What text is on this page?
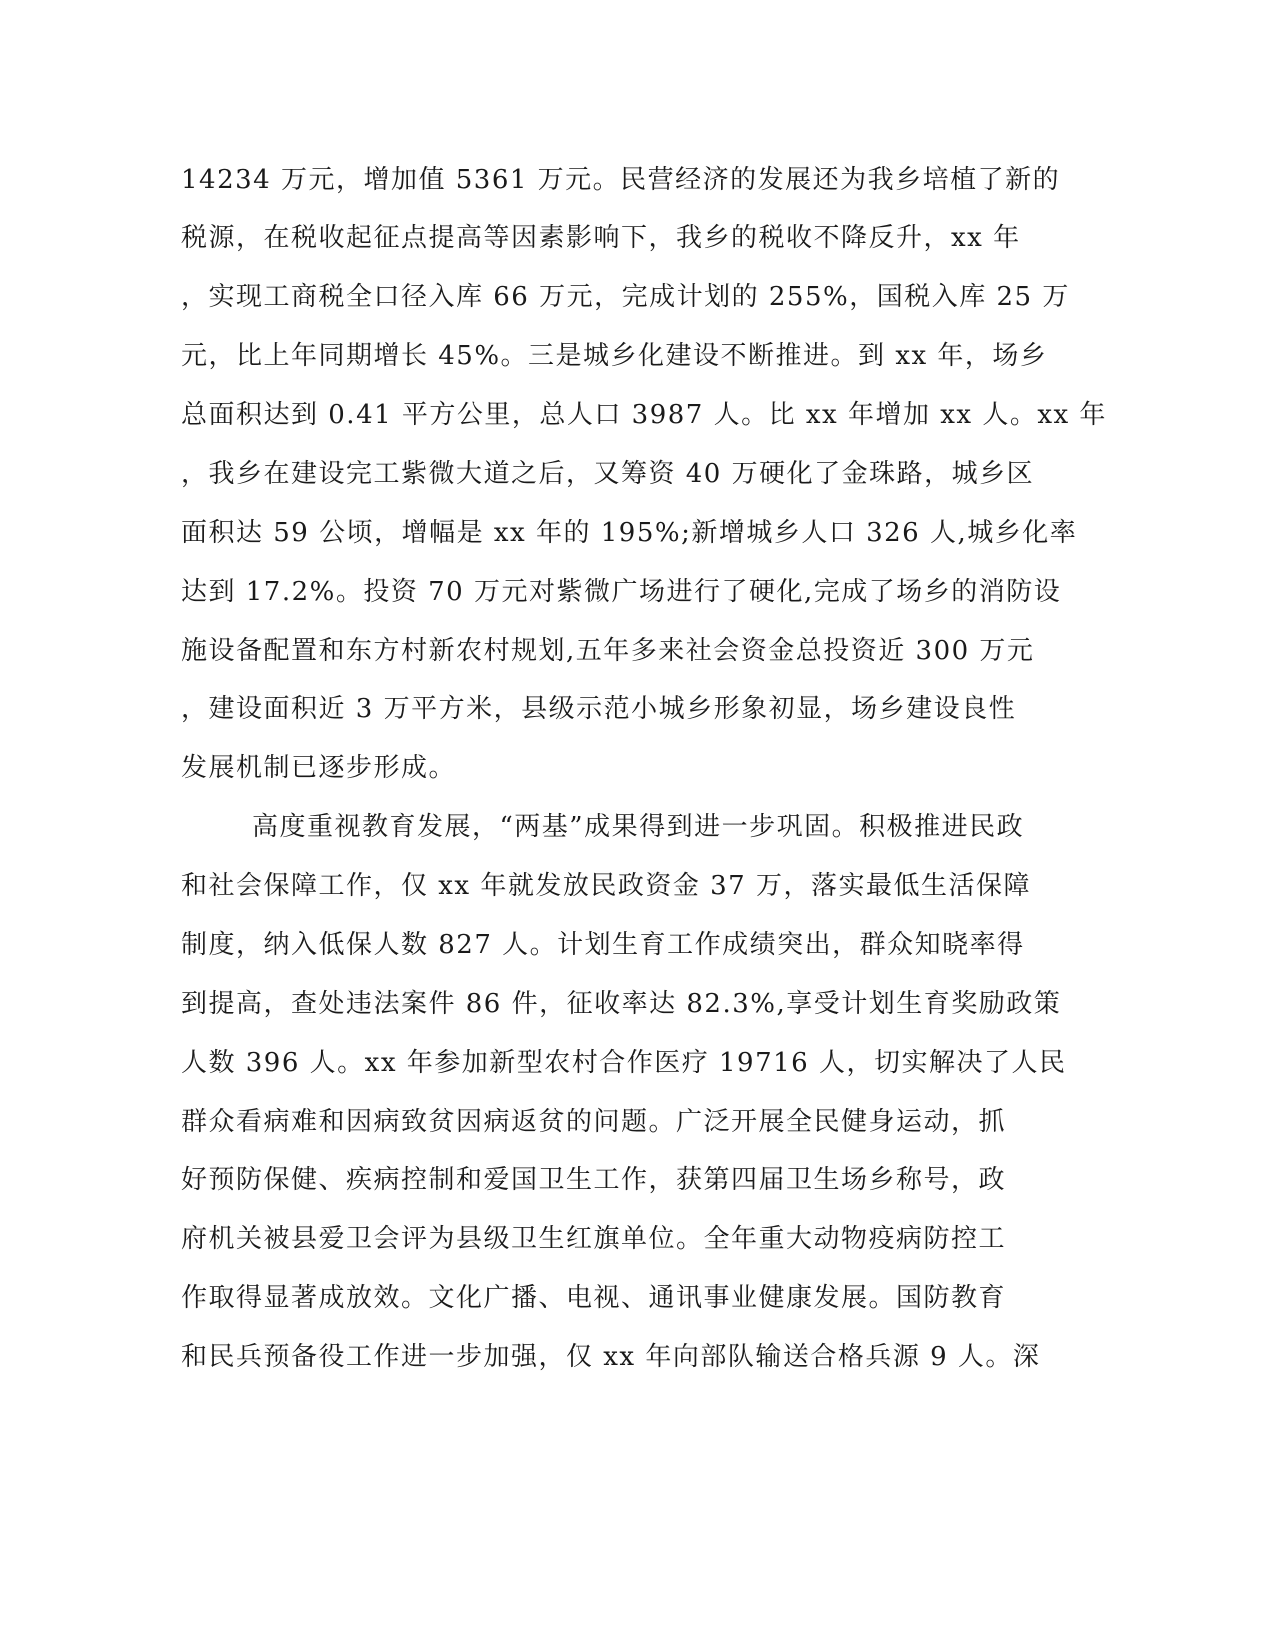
14234 万元，增加值 5361 万元。民营经济的发展还为我乡培植了新的
税源，在税收起征点提高等因素影响下，我乡的税收不降反升，xx 年
，实现工商税全口径入库 66 万元，完成计划的 255%，国税入库 25 万
元，比上年同期增长 45%。三是城乡化建设不断推进。到 xx 年，场乡
总面积达到 0.41 平方公里，总人口 3987 人。比 xx 年增加 xx 人。xx 年
，我乡在建设完工紫微大道之后，又筹资 40 万硬化了金珠路，城乡区
面积达 59 公顷，增幅是 xx 年的 195%;新增城乡人口 326 人,城乡化率
达到 17.2%。投资 70 万元对紫微广场进行了硬化,完成了场乡的消防设
施设备配置和东方村新农村规划,五年多来社会资金总投资近 300 万元
，建设面积近 3 万平方米，县级示范小城乡形象初显，场乡建设良性
发展机制已逐步形成。
高度重视教育发展，“两基”成果得到进一步巩固。积极推进民政
和社会保障工作，仅 xx 年就发放民政资金 37 万，落实最低生活保障
制度，纳入低保人数 827 人。计划生育工作成绩突出，群众知晓率得
到提高，查处违法案件 86 件，征收率达 82.3%,享受计划生育奖励政策
人数 396 人。xx 年参加新型农村合作医疗 19716 人，切实解决了人民
群众看病难和因病致贫因病返贫的问题。广泛开展全民健身运动，抓
好预防保健、疾病控制和爱国卫生工作，获第四届卫生场乡称号，政
府机关被县爱卫会评为县级卫生红旗单位。全年重大动物疫病防控工
作取得显著成放效。文化广播、电视、通讯事业健康发展。国防教育
和民兵预备役工作进一步加强，仅 xx 年向部队输送合格兵源 9 人。深
